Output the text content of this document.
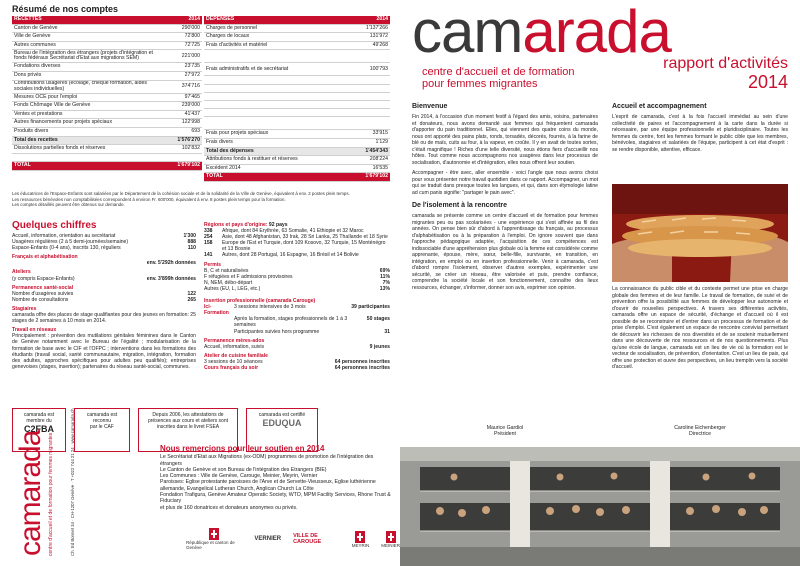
Résumé de nos comptes
RECETTES	2014
Canton de Genève	290'000
Ville de Genève	72'800
Autres communes	72'725
Bureau de l'intégration des étrangers (projets d'intégration et fonds fédéraux Secrétariat d'Etat aux migrations SEM)	221'000
Fondations diverses	23'735
Dons privés	27'972
Contributions usagères (écolage, chèque formation, aides sociales individuelles)	374'716
Mesures OCE pour l'emploi	97'465
Fonds Chômage Ville de Genève	239'000
Ventes et prestations	41'437
Autres financements pour projets spéciaux	122'998
Produits divers	693
Total des recettes	1'576'270
Dissolutions partielles fonds et réserves	102'832

TOTAL	1'679'102
DÉPENSES	2014
Charges de personnel	1'137'266
Charges de locaux	131'972
Frais d'activités et matériel	49'268

Frais administratifs et de secrétariat	100'793

Frais pour projets spéciaux	33'915
Frais divers	1'129
Total des dépenses	1'454'343
Attributions fonds à restituer et réserves	208'224
Excédent 2014	16'535
TOTAL	1'679'102
Les éducatrices de l'Espace-Enfants sont salariées par le Département de la cohésion sociale et de la solidarité de la Ville de Genève, équivalent à env. 2 postes plein temps.
Les ressources bénévoles non comptabilisées correspondent à environ Fr. 600'000, équivalent à env. 8 postes plein temps pour la formation.
Les comptes détaillés peuvent être obtenus sur demande.
Quelques chiffres
Accueil, information, orientation au secrétariat	1'300
Usagères régulières (2 à 5 demi-journées/semaine)	888
Espace-Enfants (0-4 ans), inscrits 130, réguliers	110
Français et alphabétisation
env. 5'292h données
Ateliers
(y compris Espace-Enfants)	env. 3'899h données
Permanence santé-social
Nombre d'usagères suivies	122
Nombre de consultations	265
Stagiaires
camarada offre des places de stage qualifiantes pour des jeunes en formation: 25 stages de 2 semaines à 10 mois en 2014.
Travail en réseaux
Principalement : prévention des mutilations génitales féminines dans le Canton de Genève notamment avec le Bureau de l'égalité ; modularisation de la formation de base avec le CIF et l'OFPC ; interventions dans les formations des étudiants (travail social, santé communautaire, migration, intégration, formation des adultes, approches spécifiques pour adultes peu qualifiés); entreprises genevoises (stages, insertion); partenaires du réseau santé-social, communes.
Régions et pays d'origine: 92 pays
338	Afrique, dont 84 Erythrée, 63 Somalie, 41 Ethiopie et 32 Maroc
254	Asie, dont 48 Afghanistan, 33 Irak, 28 Sri Lanka, 25 Thaïlande et 18 Syrie
158	Europe de l'Est et Turquie, dont 109 Kosovo, 32 Turquie, 15 Monténégro et 13 Bosnie
141	Autres, dont 28 Portugal, 16 Espagne, 16 Brésil et 14 Bolivie
Permis
B, C et naturalisées	69%
F réfugiées et F admissions provisoires	11%
N, NEM, débo-départ	7%
Autres (EU, L, LEG, etc.)	13%
Insertion professionnelle (camarada Carouge)
Ici-Formation
3 sessions intensives de 3 mois	39 participantes
Après la formation, stages professionnels de 1 à 3 semaines
50 stages
Participantes suivies hors programme	31
Permanence mères-ados
Accueil, information, suivis	9 jeunes
Atelier de cuisine familiale
3 sessions de 10 séances	64 personnes inscrites
Cours français du soir	64 personnes inscrites
camarada est membre du
C2FBA
camarada est reconnu
par le CAF
Depuis 2006, les attestations de présences aux cours et ateliers sont inscrites dans le livret FSEA
camarada est certifié
EDUQUA
camarada centre d'accueil et de formation pour femmes migrantes	Ch. Ed Bonnet 34 · CH-1207 Genève · T +022 744 21 24 · www.camarada.ch	Nous remercions pour leur soutien en 2014
Le Secrétariat d'Etat aux Migrations (ex-ODM) programmes de promotion de l'intégration des étrangers
Le Canton de Genève et son Bureau de l'intégration des Etrangers (BIE)
Les Communes : Ville de Genève, Carouge, Meinier, Meyrin, Vernier
Paroisses: Eglise protestante paroisses de l'Arve et de Servette-Vieusseux, Eglise luthérienne allemande, Evangelical Lutheran Church, Anglican Church La Côte
Fondation Trafigura, Genève Amateur Operatic Society, WTO, MPM Facility Services, Rhone Trust & Fiduciary
et plus de 160 donatrices et donateurs anonymes ou privés.
République et canton de Genève
VERNIER VILLE DE CAROUGE	MEYRIN	MEINIER
camarada
centre d'accueil et de formation
pour femmes migrantes
rapport d'activités
2014
Bienvenue

Fin 2014, à l'occasion d'un moment festif à l'égard des amis, voisins, partenaires et donateurs, nous avons demandé aux femmes qui fréquentent camarada d'apporter du pain traditionnel. Elles, qui viennent des quatre coins du monde, nous ont apporté des pains plats, ronds, torsadés, décorés, fourrés, à la farine de blé ou de maïs, cuits au four, à la vapeur, en croûte. Il y en avait de toutes sortes, c'était magnifique ! Riches d'une telle diversité, nous étions fiers d'accueillir nos hôtes. Tout comme nous accompagnons nos usagères dans leur processus de socialisation, d'autonomie et d'intégration, elles nous offrent leur soutien.

Accompagner - être avec, aller ensemble - voici l'angle que nous avons choisi pour vous présenter notre travail quotidien dans ce rapport. Accompagner, un mot qui se traduit dans presque toutes les langues, et qui, dans son étymologie latine ad cum panis signifie: "partager le pain avec".

De l'isolement à la rencontre

camarada se présente comme un centre d'accueil et de formation pour femmes migrantes peu ou pas scolarisées - une expérience qui s'est affinée au fil des années. On pense bien sûr d'abord à l'apprentissage du français, au processus d'alphabétisation ou à la préparation à l'emploi. On ignore souvent que dans l'approche pédagogique adaptée, l'acquisition de ces compétences est indissociable d'une appréhension plus globale où la femme est considérée comme apprenante, épouse, mère, sœur, belle-fille, survivante, en transition, en intégration, en emploi ou en insertion professionnelle. Venir à camarada, c'est d'abord rompre l'isolement, observer d'autres exemples, expérimenter une sécurité, se créer un réseau, être valorisée et puis, prendre confiance, comprendre la société locale et son fonctionnement, connaître des lieux ressources, échanger, s'informer, donner son avis, exprimer son opinion.

Accueil et accompagnement

L'esprit de camarada, c'est à la fois l'accueil immédiat au sein d'une collectivité de paires et l'accompagnement à la carte dans la durée si nécessaire, par une équipe professionnelle et pluridisciplinaire. Toutes les femmes du centre, font les femmes formant le public cible que les membres, bénévoles, stagiaires et salariées de l'équipe, participent à cet état d'esprit : se rendre disponible, attentive, efficace.

La connaissance du public cible et du contexte permet une prise en charge globale des femmes et de leur famille. Le travail de formation, de suivi et de prévention offre la possibilité aux femmes de développer leur autonomie et d'ouvrir de nouvelles perspectives. A travers ses différentes activités, camarada offre un espace de sécurité, d'échange et d'accueil où il est possible de se reconstruire et d'entrer dans un processus de formation et de prise d'emploi. C'est également un espace de rencontre convivial permettant de découvrir les richesses de nos diversités et de se soutenir mutuellement dans une découverte de nos ressources et de nos questionnements. Plus qu'une école de langue, camarada est un lieu de vie où la formation est le vecteur de socialisation, de prévention, d'orientation. C'est un lieu de paix, qui offre une protection et ouvre des perspectives, un lieu tremplin vers la société d'accueil.

Maurice Gardiol
Président
Caroline Eichenberger
Directrice
